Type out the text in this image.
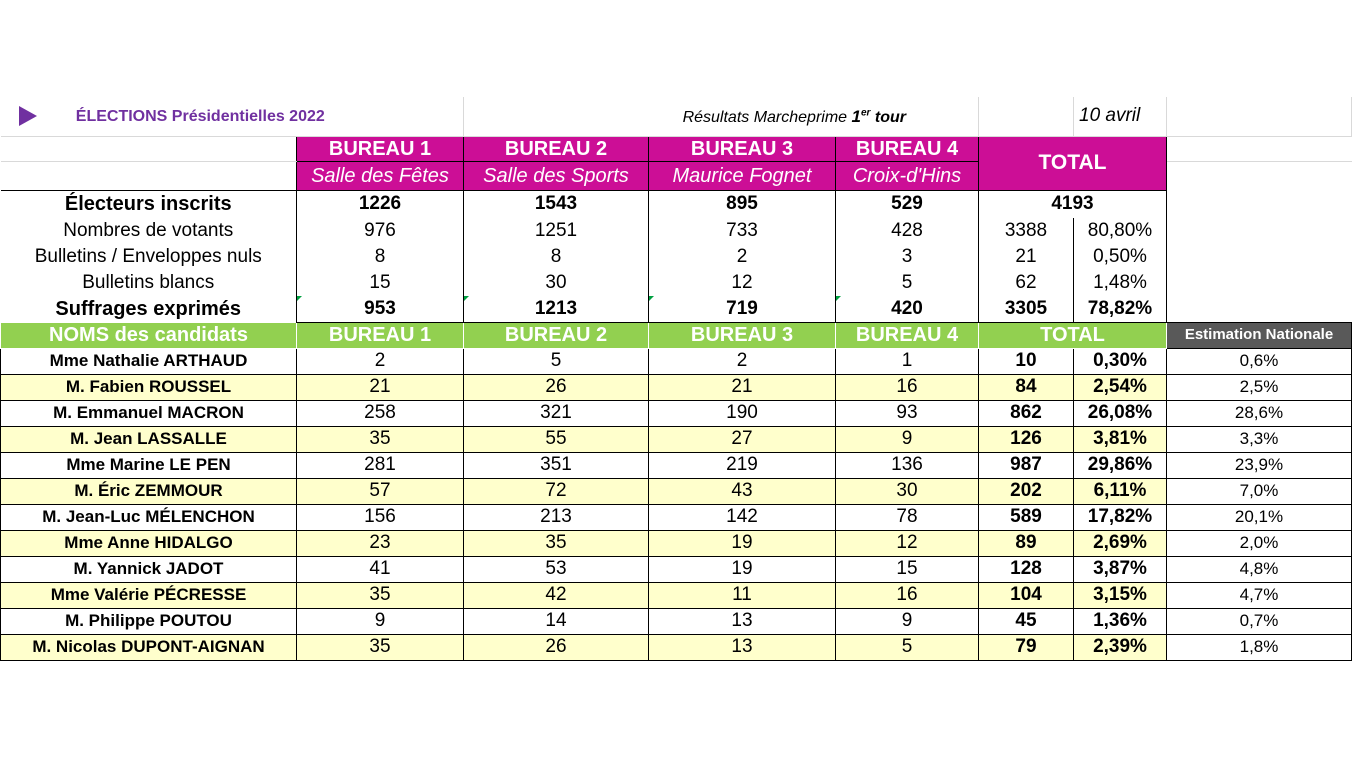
ÉLECTIONS Présidentielles 2022		Résultats Marcheprime 1er tour				10 avril	
	BUREAU 1	BUREAU 2	BUREAU 3	BUREAU 4	TOTAL		
	Salle des Fêtes	Salle des Sports	Maurice Fognet	Croix-d'Hins			
Électeurs inscrits	1226	1543	895	529	4193		
Nombres de votants	976	1251	733	428	3388	80,80%	
Bulletins / Enveloppes nuls	8	8	2	3	21	0,50%	
Bulletins blancs	15	30	12	5	62	1,48%	
Suffrages exprimés	953	1213	719	420	3305	78,82%	
NOMS des candidats	BUREAU 1	BUREAU 2	BUREAU 3	BUREAU 4	TOTAL		Estimation Nationale
Mme Nathalie ARTHAUD	2	5	2	1	10	0,30%	0,6%
M. Fabien ROUSSEL	21	26	21	16	84	2,54%	2,5%
M. Emmanuel MACRON	258	321	190	93	862	26,08%	28,6%
M. Jean LASSALLE	35	55	27	9	126	3,81%	3,3%
Mme Marine LE PEN	281	351	219	136	987	29,86%	23,9%
M. Éric ZEMMOUR	57	72	43	30	202	6,11%	7,0%
M. Jean-Luc MÉLENCHON	156	213	142	78	589	17,82%	20,1%
Mme Anne HIDALGO	23	35	19	12	89	2,69%	2,0%
M. Yannick JADOT	41	53	19	15	128	3,87%	4,8%
Mme Valérie PÉCRESSE	35	42	11	16	104	3,15%	4,7%
M. Philippe POUTOU	9	14	13	9	45	1,36%	0,7%
M. Nicolas DUPONT-AIGNAN	35	26	13	5	79	2,39%	1,8%
